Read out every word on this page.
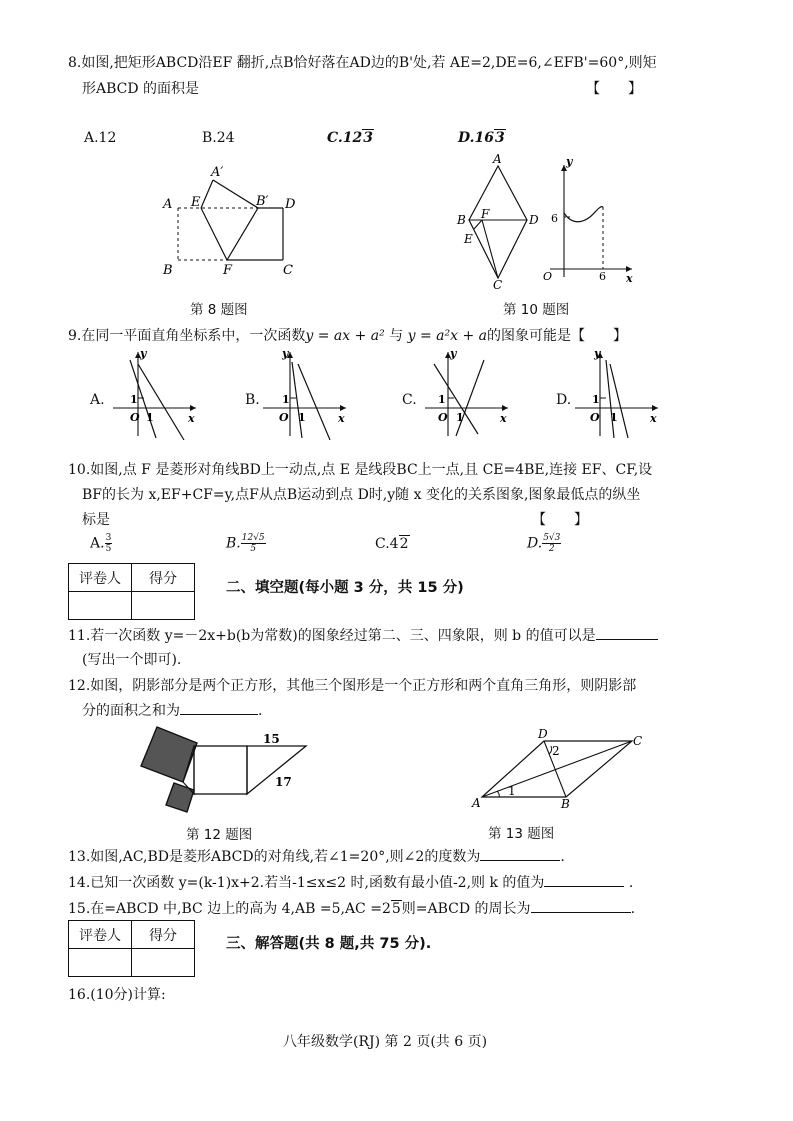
8.如图,把矩形ABCD沿EF 翻折,点B恰好落在AD边的B'处,若 AE=2,DE=6,∠EFB'=60°,则矩
形ABCD 的面积是	【　　】
A.12	B.24	C.123	D.163
A
A′
E	B′ D
B	F	C
第 8 题图
A
B F	D
E
C
y
6
O	6 x
第 10 题图
9.在同一平面直角坐标系中，一次函数y = ax + a² 与 y = a²x + a的图象可能是【　　】
A.
y
1
O 1	x
B.
y
1
O 1	x
C.
y
1
O 1	x
D.
y
1
O 1	x
10.如图,点 F 是菱形对角线BD上一动点,点 E 是线段BC上一点,且 CE=4BE,连接 EF、CF,设
BF的长为 x,EF+CF=y,点F从点B运动到点 D时,y随 x 变化的关系图象,图象最低点的纵坐
标是	【　　】
A. $\frac{3}{5}$	B. $\frac{12√5}{5}$	C.42	D. $\frac{5√3}{2}$
评卷人	得分

二、填空题(每小题 3 分，共 15 分)
11.若一次函数 y=－2x+b(b为常数)的图象经过第二、三、四象限，则 b 的值可以是
(写出一个即可).
12.如图，阴影部分是两个正方形，其他三个图形是一个正方形和两个直角三角形，则阴影部
分的面积之和为	.
15
17
第 12 题图
D
2
C
A
1
B
第 13 题图
13.如图,AC,BD是菱形ABCD的对角线,若∠1=20°,则∠2的度数为	.
14.已知一次函数 y=(k-1)x+2.若当-1≤x≤2 时,函数有最小值-2,则 k 的值为	.
15.在=ABCD 中,BC 边上的高为 4,AB =5,AC =25则=ABCD 的周长为	.
评卷人	得分

三、解答题(共 8 题,共 75 分).
16.(10分)计算:
八年级数学(RJ) 第 2 页(共 6 页)
